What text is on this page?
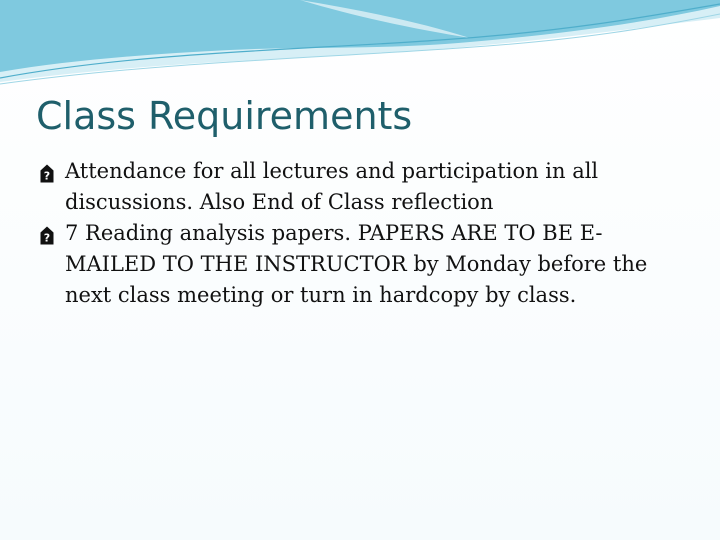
Class Requirements
? Attendance for all lectures and participation in all discussions. Also End of Class reflection
? 7 Reading analysis papers. PAPERS ARE TO BE E-MAILED TO THE INSTRUCTOR by Monday before the next class meeting or turn in hardcopy by class.
